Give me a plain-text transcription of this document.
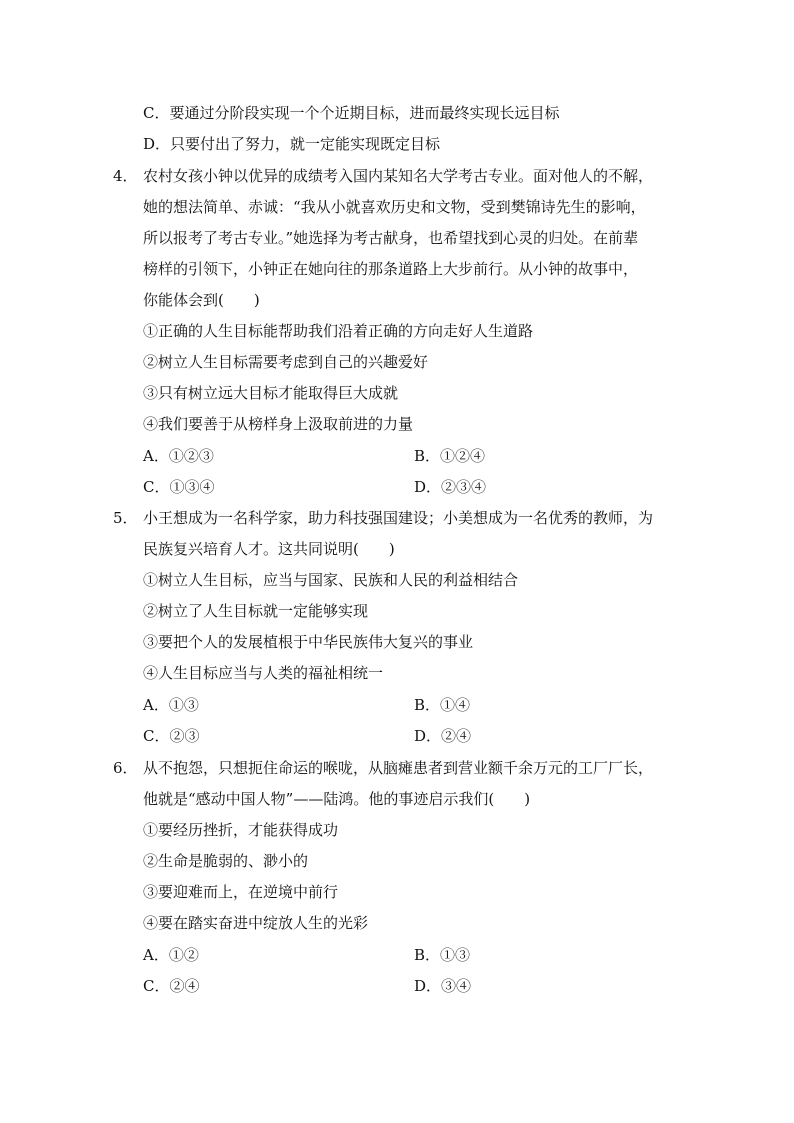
C．要通过分阶段实现一个个近期目标，进而最终实现长远目标
D．只要付出了努力，就一定能实现既定目标
4． 农村女孩小钟以优异的成绩考入国内某知名大学考古专业。面对他人的不解，
她的想法简单、赤诚：“我从小就喜欢历史和文物，受到樊锦诗先生的影响，
所以报考了考古专业。”她选择为考古献身，也希望找到心灵的归处。在前辈
榜样的引领下，小钟正在她向往的那条道路上大步前行。从小钟的故事中，
你能体会到(　　)
①正确的人生目标能帮助我们沿着正确的方向走好人生道路
②树立人生目标需要考虑到自己的兴趣爱好
③只有树立远大目标才能取得巨大成就
④我们要善于从榜样身上汲取前进的力量
A．①②③	B．①②④
C．①③④	D．②③④
5． 小王想成为一名科学家，助力科技强国建设；小美想成为一名优秀的教师，为
民族复兴培育人才。这共同说明(　　)
①树立人生目标，应当与国家、民族和人民的利益相结合
②树立了人生目标就一定能够实现
③要把个人的发展植根于中华民族伟大复兴的事业
④人生目标应当与人类的福祉相统一
A．①③	B．①④
C．②③	D．②④
6． 从不抱怨，只想扼住命运的喉咙，从脑瘫患者到营业额千余万元的工厂厂长，
他就是“感动中国人物”——陆鸿。他的事迹启示我们(　　)
①要经历挫折，才能获得成功
②生命是脆弱的、渺小的
③要迎难而上，在逆境中前行
④要在踏实奋进中绽放人生的光彩
A．①②	B．①③
C．②④	D．③④
